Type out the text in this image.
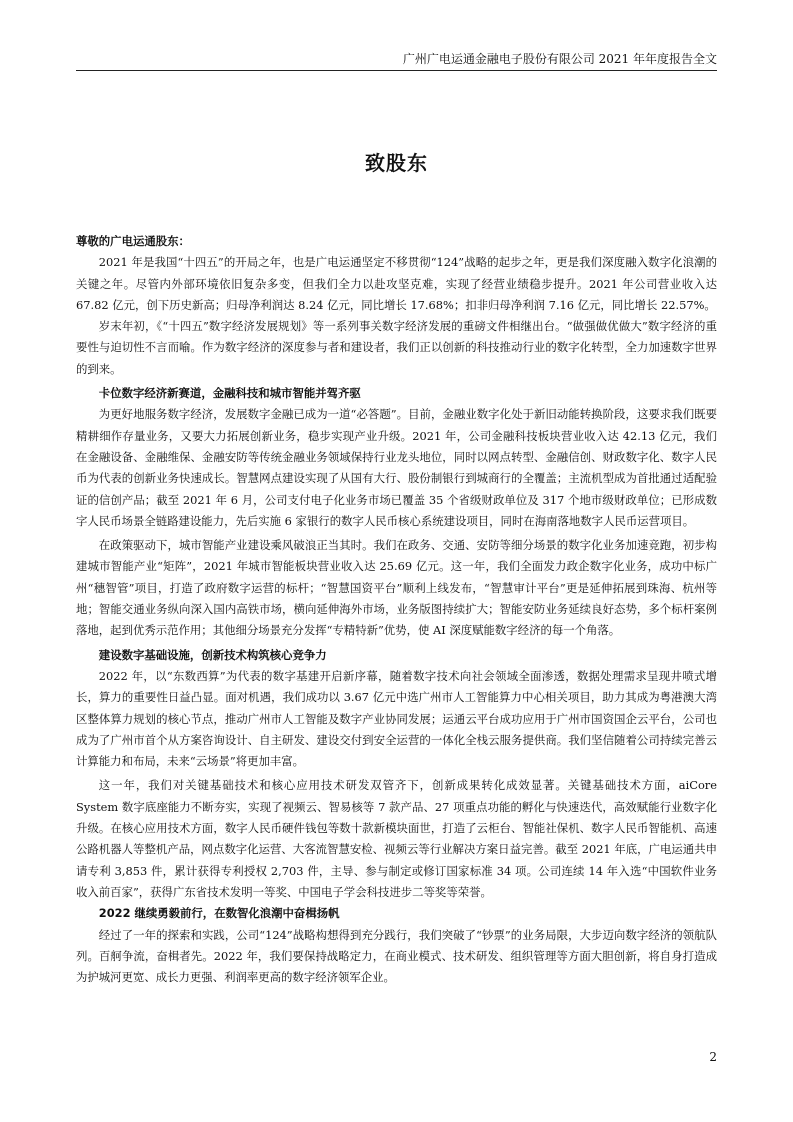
广州广电运通金融电子股份有限公司 2021 年年度报告全文
致股东

尊敬的广电运通股东：

2021 年是我国“十四五”的开局之年，也是广电运通坚定不移贯彻“124”战略的起步之年，更是我们深度融入数字化浪潮的关键之年。尽管内外部环境依旧复杂多变，但我们全力以赴攻坚克难，实现了经营业绩稳步提升。2021 年公司营业收入达 67.82 亿元，创下历史新高；归母净利润达 8.24 亿元，同比增长 17.68%；扣非归母净利润 7.16 亿元，同比增长 22.57%。

岁末年初，《“十四五”数字经济发展规划》等一系列事关数字经济发展的重磅文件相继出台。“做强做优做大”数字经济的重要性与迫切性不言而喻。作为数字经济的深度参与者和建设者，我们正以创新的科技推动行业的数字化转型，全力加速数字世界的到来。

卡位数字经济新赛道，金融科技和城市智能并驾齐驱

为更好地服务数字经济，发展数字金融已成为一道“必答题”。目前，金融业数字化处于新旧动能转换阶段，这要求我们既要精耕细作存量业务，又要大力拓展创新业务，稳步实现产业升级。2021 年，公司金融科技板块营业收入达 42.13 亿元，我们在金融设备、金融维保、金融安防等传统金融业务领域保持行业龙头地位，同时以网点转型、金融信创、财政数字化、数字人民币为代表的创新业务快速成长。智慧网点建设实现了从国有大行、股份制银行到城商行的全覆盖；主流机型成为首批通过适配验证的信创产品；截至 2021 年 6 月，公司支付电子化业务市场已覆盖 35 个省级财政单位及 317 个地市级财政单位；已形成数字人民币场景全链路建设能力，先后实施 6 家银行的数字人民币核心系统建设项目，同时在海南落地数字人民币运营项目。

在政策驱动下，城市智能产业建设乘风破浪正当其时。我们在政务、交通、安防等细分场景的数字化业务加速竞跑，初步构建城市智能产业“矩阵”，2021 年城市智能板块营业收入达 25.69 亿元。这一年，我们全面发力政企数字化业务，成功中标广州“穗智管”项目，打造了政府数字运营的标杆；“智慧国资平台”顺利上线发布，“智慧审计平台”更是延伸拓展到珠海、杭州等地；智能交通业务纵向深入国内高铁市场，横向延伸海外市场，业务版图持续扩大；智能安防业务延续良好态势，多个标杆案例落地，起到优秀示范作用；其他细分场景充分发挥“专精特新”优势，使 AI 深度赋能数字经济的每一个角落。

建设数字基础设施，创新技术构筑核心竞争力

2022 年，以“东数西算”为代表的数字基建开启新序幕，随着数字技术向社会领域全面渗透，数据处理需求呈现井喷式增长，算力的重要性日益凸显。面对机遇，我们成功以 3.67 亿元中选广州市人工智能算力中心相关项目，助力其成为粤港澳大湾区整体算力规划的核心节点，推动广州市人工智能及数字产业协同发展；运通云平台成功应用于广州市国资国企云平台，公司也成为了广州市首个从方案咨询设计、自主研发、建设交付到安全运营的一体化全栈云服务提供商。我们坚信随着公司持续完善云计算能力和布局，未来“云场景”将更加丰富。

这一年，我们对关键基础技术和核心应用技术研发双管齐下，创新成果转化成效显著。关键基础技术方面，aiCore System 数字底座能力不断夯实，实现了视频云、智易核等 7 款产品、27 项重点功能的孵化与快速迭代，高效赋能行业数字化升级。在核心应用技术方面，数字人民币硬件钱包等数十款新模块面世，打造了云柜台、智能社保机、数字人民币智能机、高速公路机器人等整机产品，网点数字化运营、大客流智慧安检、视频云等行业解决方案日益完善。截至 2021 年底，广电运通共申请专利 3,853 件，累计获得专利授权 2,703 件，主导、参与制定或修订国家标准 34 项。公司连续 14 年入选“中国软件业务收入前百家”，获得广东省技术发明一等奖、中国电子学会科技进步二等奖等荣誉。

2022 继续勇毅前行，在数智化浪潮中奋楫扬帆

经过了一年的探索和实践，公司“124”战略构想得到充分践行，我们突破了“钞票”的业务局限，大步迈向数字经济的领航队列。百舸争流，奋楫者先。2022 年，我们要保持战略定力，在商业模式、技术研发、组织管理等方面大胆创新，将自身打造成为护城河更宽、成长力更强、利润率更高的数字经济领军企业。

2
